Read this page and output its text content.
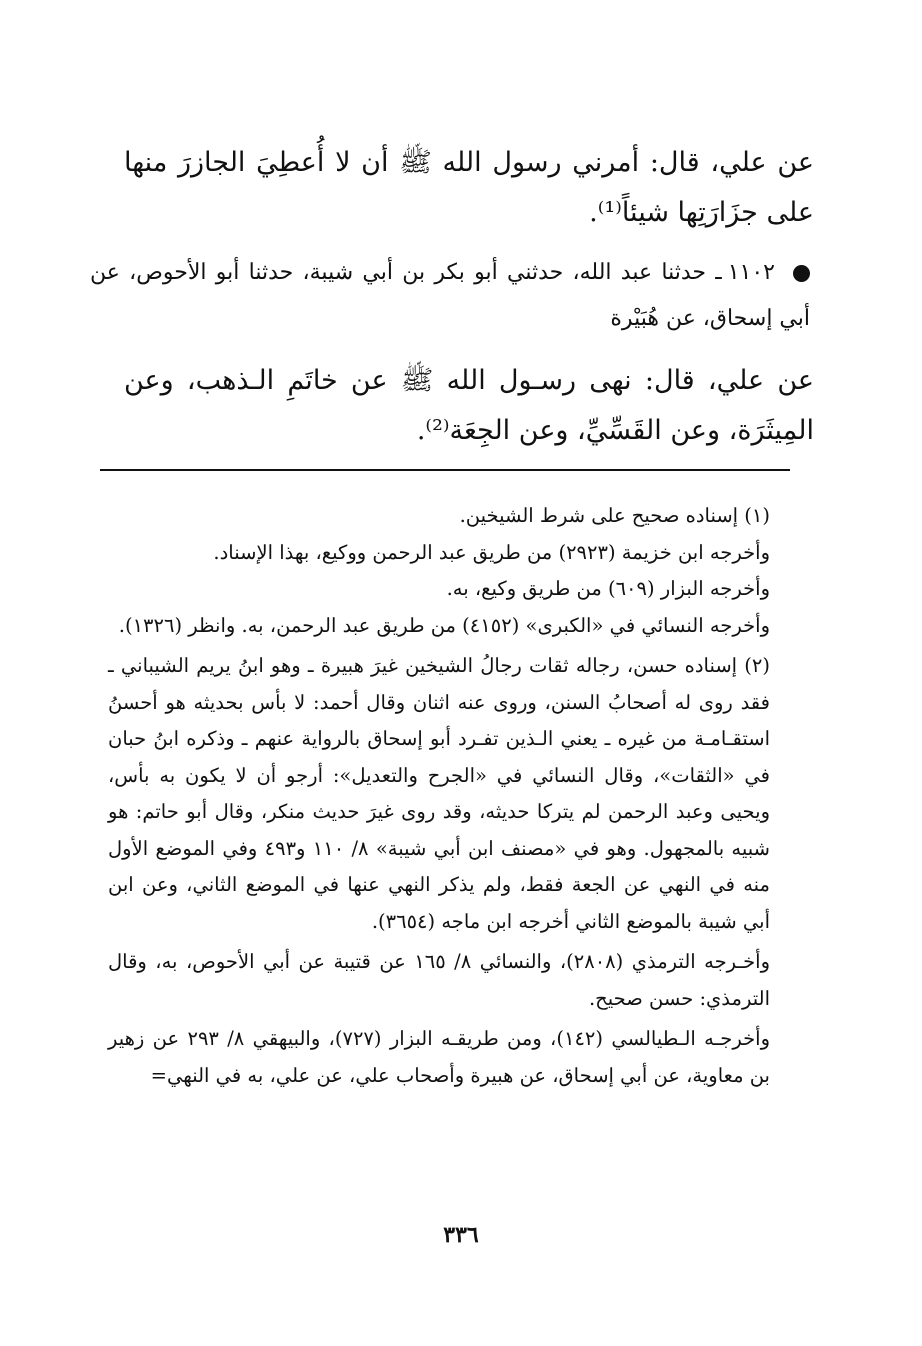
عن علي، قال: أمرني رسول الله ﷺ أن لا أُعطِيَ الجازرَ منها على جزَارَتِها شيئاً⁽¹⁾.
١١٠٢ـ حدثنا عبد الله، حدثني أبو بكر بن أبي شيبة، حدثنا أبو الأحوص، عن أبي إسحاق، عن هُبَيْرة
عن علي، قال: نهى رسـول الله ﷺ عن خاتَمِ الـذهب، وعن المِيثَرَة، وعن القَسِّيِّ، وعن الجِعَة⁽²⁾.

(١) إسناده صحيح على شرط الشيخين.

وأخرجه ابن خزيمة (٢٩٢٣) من طريق عبد الرحمن ووكيع، بهذا الإسناد.

وأخرجه البزار (٦٠٩) من طريق وكيع، به.

وأخرجه النسائي في «الكبرى» (٤١٥٢) من طريق عبد الرحمن، به. وانظر (١٣٢٦).

(٢) إسناده حسن، رجاله ثقات رجالُ الشيخين غيرَ هبيرة ـ وهو ابنُ يريم الشيباني ـ فقد روى له أصحابُ السنن، وروى عنه اثنان وقال أحمد: لا بأس بحديثه هو أحسنُ استقـامـة من غيره ـ يعني الـذين تفـرد أبو إسحاق بالرواية عنهم ـ وذكره ابنُ حبان في «الثقات»، وقال النسائي في «الجرح والتعديل»: أرجو أن لا يكون به بأس، ويحيى وعبد الرحمن لم يتركا حديثه، وقد روى غيرَ حديث منكر، وقال أبو حاتم: هو شبيه بالمجهول. وهو في «مصنف ابن أبي شيبة» ٨/ ١١٠ و٤٩٣ وفي الموضع الأول منه في النهي عن الجعة فقط، ولم يذكر النهي عنها في الموضع الثاني، وعن ابن أبي شيبة بالموضع الثاني أخرجه ابن ماجه (٣٦٥٤).

وأخـرجه الترمذي (٢٨٠٨)، والنسائي ٨/ ١٦٥ عن قتيبة عن أبي الأحوص، به، وقال الترمذي: حسن صحيح.

وأخرجـه الـطيالسي (١٤٢)، ومن طريقـه البزار (٧٢٧)، والبيهقي ٨/ ٢٩٣ عن زهير بن معاوية، عن أبي إسحاق، عن هبيرة وأصحاب علي، عن علي، به في النهي=

٣٣٦
